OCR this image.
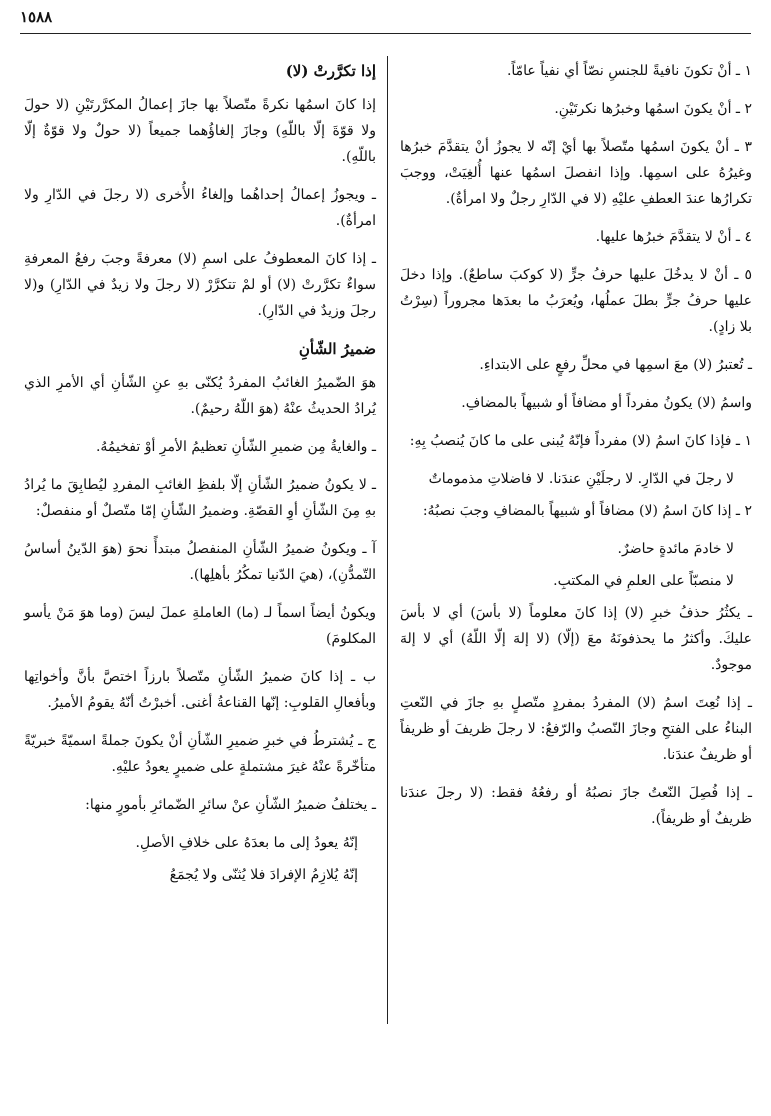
١٥٨٨

١ ـ أنْ تكونَ نافيةً للجنسِ نصّاً أي نفياً عامّاً.

٢ ـ أنْ يكونَ اسمُها وخبرُها نكرتَيْنِ.

٣ ـ أنْ يكونَ اسمُها متّصلاً بها أيْ إنّه لا يجوزُ أنْ يتقدَّمَ خبرُها وغيرُهُ على اسمِها. وإذا انفصلَ اسمُها عنها أُلغِيَتْ، ووجبَ تكرارُها عندَ العطفِ عليْهِ (لا في الدّارِ رجلٌ ولا امرأةٌ).

٤ ـ أنْ لا يتقدَّمَ خبرُها عليها.

٥ ـ أنْ لا يدخُلَ عليها حرفُ جرٍّ (لا كوكبَ ساطعٌ). وإذا دخلَ عليها حرفُ جرٍّ بطلَ عملُها، ويُعرَبُ ما بعدَها مجروراً (سِرْتُ بلا زادٍ).

ـ تُعتبرُ (لا) معَ اسمِها في محلِّ رفعٍ على الابتداءِ.

واسمُ (لا) يكونُ مفرداً أو مضافاً أو شبيهاً بالمضافِ.

١ ـ فإذا كانَ اسمُ (لا) مفرداً فإنّهُ يُبنى على ما كانَ يُنصبُ بِهِ:

لا رجلَ في الدّارِ. لا رجلَيْنِ عندَنا. لا فاضلاتِ مذموماتٌ

٢ ـ إذا كانَ اسمُ (لا) مضافاً أو شبيهاً بالمضافِ وجبَ نصبُهُ:

لا خادمَ مائدةٍ حاضرٌ.

لا منصبّاً على العلمِ في المكتبِ.

ـ يكثُرُ حذفُ خبرِ (لا) إذا كانَ معلوماً (لا بأسَ) أي لا بأسَ عليكَ. وأكثرُ ما يحذفونَهُ معَ (إلّا) (لا إلهَ إلّا اللّهُ) أي لا إلهَ موجودٌ.

ـ إذا نُعِتَ اسمُ (لا) المفردُ بمفردٍ متّصلٍ بهِ جازَ في النّعتِ البناءُ على الفتحِ وجازَ النّصبُ والرّفعُ: لا رجلَ ظريفَ أو ظريفاً أو ظريفٌ عندَنا.

ـ إذا فُصِلَ النّعتُ جازَ نصبُهُ أو رفعُهُ فقط: (لا رجلَ عندَنا ظريفٌ أو ظريفاً).

إذا تكرَّرتْ (لا)

إذا كانَ اسمُها نكرةً متّصلاً بها جازَ إعمالُ المكرَّرتَيْنِ (لا حولَ ولا قوّةَ إلّا باللّهِ) وجازَ إلغاؤُهما جميعاً (لا حولٌ ولا قوّةٌ إلّا باللّهِ).

ـ ويجوزُ إعمالُ إحداهُما وإلغاءُ الأُخرى (لا رجلَ في الدّارِ ولا امرأةٌ).

ـ إذا كانَ المعطوفُ على اسمِ (لا) معرفةً وجبَ رفعُ المعرفةِ سواءٌ تكرَّرتْ (لا) أو لمْ تتكرَّرْ (لا رجلَ ولا زيدٌ في الدّارِ) و(لا رجلَ وزيدٌ في الدّارِ).

ضميرُ الشّأنِ

هوَ الضّميرُ الغائبُ المفردُ يُكنّى بهِ عنِ الشّأنِ أي الأمرِ الذي يُرادُ الحديثُ عنْهُ (هوَ اللّهُ رحيمٌ).

ـ والغايةُ مِن ضميرِ الشّأنِ تعظيمُ الأمرِ أوْ تفخيمُهُ.

ـ لا يكونُ ضميرُ الشّأنِ إلّا بلفظِ الغائبِ المفردِ ليُطابِقَ ما يُرادُ بهِ مِنَ الشّأنِ أوِ القصّةِ. وضميرُ الشّأنِ إمّا متّصلٌ أو منفصلٌ:

آ ـ ويكونُ ضميرُ الشّأنِ المنفصلُ مبتدأً نحوَ (هوَ الدّينُ أساسُ التّمدُّنِ)، (هيَ الدّنيا تمكُرُ بأهلِها).

ويكونُ أيضاً اسماً لـ (ما) العاملةِ عملَ ليسَ (وما هوَ مَنْ يأسو المكلومَ)

ب ـ إذا كانَ ضميرُ الشّأنِ متّصلاً بارزاً اختصَّ بأنَّ وأخواتِها وبأفعالِ القلوبِ: إنّها القناعةُ أغنى. أخبرْتُ أنّهُ يقومُ الأميرُ.

ج ـ يُشترطُ في خبرِ ضميرِ الشّأنِ أنْ يكونَ جملةً اسميّةً خبريّةً متأخّرةً عنْهُ غيرَ مشتملةٍ على ضميرٍ يعودُ عليْهِ.

ـ يختلفُ ضميرُ الشّأنِ عنْ سائرِ الضّمائرِ بأمورٍ منها:

إنّهُ يعودُ إلى ما بعدَهُ على خلافِ الأصلِ.

إنّهُ يُلازِمُ الإفرادَ فلا يُثنّى ولا يُجمَعُ
